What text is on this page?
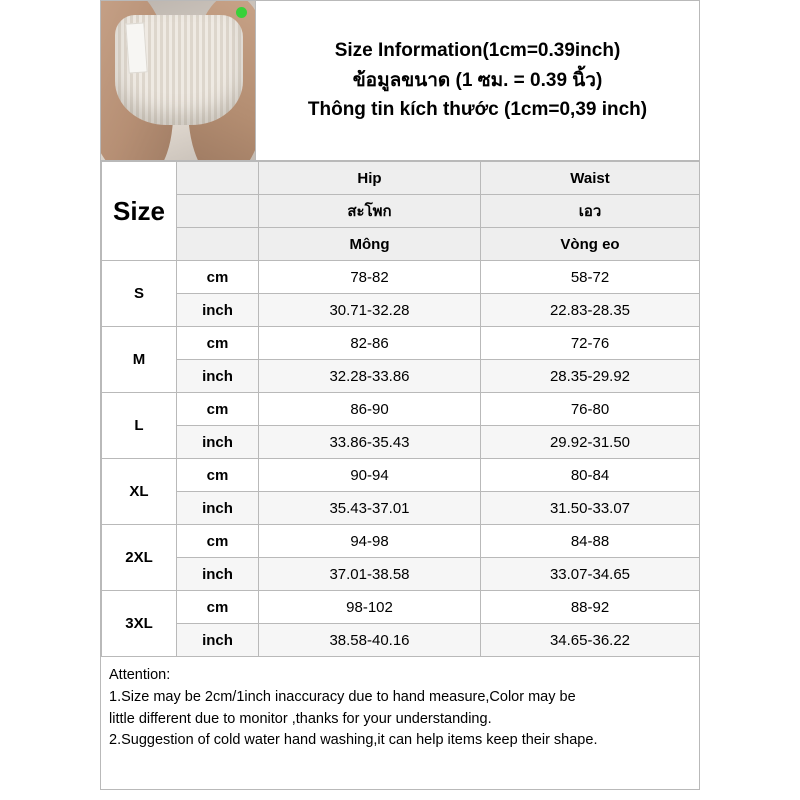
Size Information(1cm=0.39inch)
ข้อมูลขนาด (1 ซม. = 0.39 นิ้ว)
Thông tin kích thước (1cm=0,39 inch)
Size		Hip	Waist
		สะโพก	เอว
		Mông	Vòng eo
S	cm	78-82	58-72
	inch	30.71-32.28	22.83-28.35
M	cm	82-86	72-76
	inch	32.28-33.86	28.35-29.92
L	cm	86-90	76-80
	inch	33.86-35.43	29.92-31.50
XL	cm	90-94	80-84
	inch	35.43-37.01	31.50-33.07
2XL	cm	94-98	84-88
	inch	37.01-38.58	33.07-34.65
3XL	cm	98-102	88-92
	inch	38.58-40.16	34.65-36.22

Attention:

1.Size may be 2cm/1inch inaccuracy due to hand measure,Color may be

little different due to monitor ,thanks for your understanding.

2.Suggestion of cold water hand washing,it can help items keep their shape.
